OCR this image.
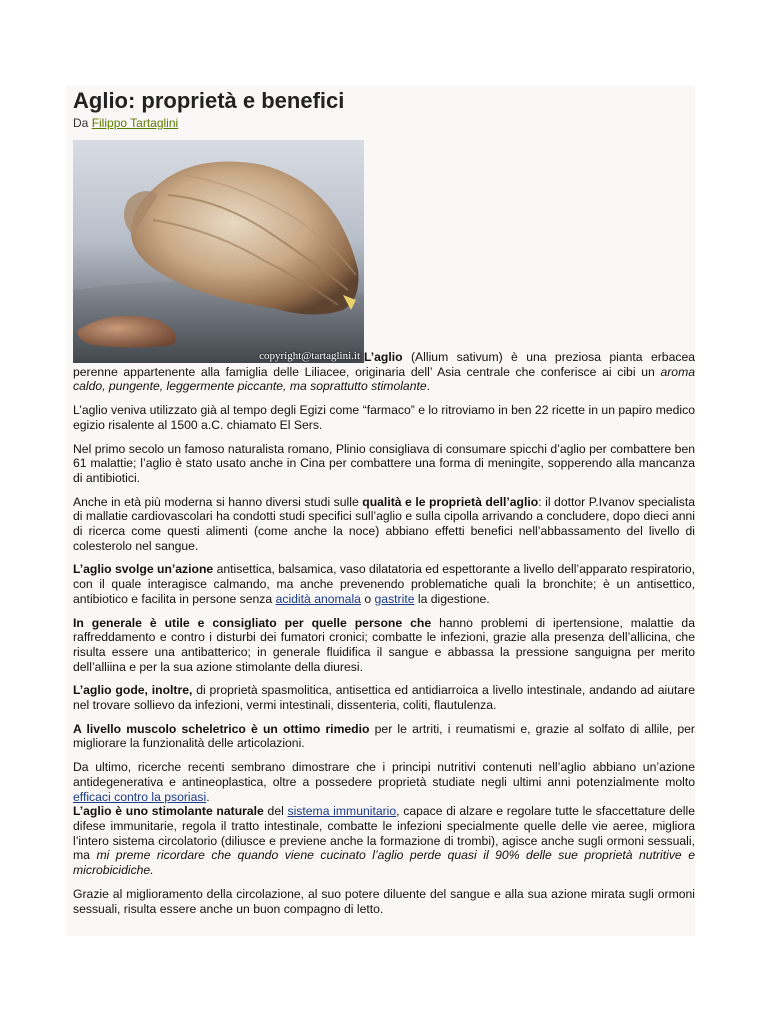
Aglio: proprietà e benefici
Da Filippo Tartaglini
copyright@tartaglini.it L’aglio (Allium sativum) è una preziosa pianta erbacea perenne appartenente alla famiglia delle Liliacee, originaria dell’ Asia centrale che conferisce ai cibi un aroma caldo, pungente, leggermente piccante, ma soprattutto stimolante.

L’aglio veniva utilizzato già al tempo degli Egizi come “farmaco” e lo ritroviamo in ben 22 ricette in un papiro medico egizio risalente al 1500 a.C. chiamato El Sers.

Nel primo secolo un famoso naturalista romano, Plinio consigliava di consumare spicchi d’aglio per combattere ben 61 malattie; l’aglio è stato usato anche in Cina per combattere una forma di meningite, sopperendo alla mancanza di antibiotici.

Anche in età più moderna si hanno diversi studi sulle qualità e le proprietà dell’aglio: il dottor P.Ivanov specialista di mallatie cardiovascolari ha condotti studi specifici sull’aglio e sulla cipolla arrivando a concludere, dopo dieci anni di ricerca come questi alimenti (come anche la noce) abbiano effetti benefici nell’abbassamento del livello di colesterolo nel sangue.

L’aglio svolge un’azione antisettica, balsamica, vaso dilatatoria ed espettorante a livello dell’apparato respiratorio, con il quale interagisce calmando, ma anche prevenendo problematiche quali la bronchite; è un antisettico, antibiotico e facilita in persone senza acidità anomala o gastrite la digestione.

In generale è utile e consigliato per quelle persone che hanno problemi di ipertensione, malattie da raffreddamento e contro i disturbi dei fumatori cronici; combatte le infezioni, grazie alla presenza dell’allicina, che risulta essere una antibatterico; in generale fluidifica il sangue e abbassa la pressione sanguigna per merito dell’alliina e per la sua azione stimolante della diuresi.

L’aglio gode, inoltre, di proprietà spasmolitica, antisettica ed antidiarroica a livello intestinale, andando ad aiutare nel trovare sollievo da infezioni, vermi intestinali, dissenteria, coliti, flautulenza.

A livello muscolo scheletrico è un ottimo rimedio per le artriti, i reumatismi e, grazie al solfato di allile, per migliorare la funzionalità delle articolazioni.

Da ultimo, ricerche recenti sembrano dimostrare che i principi nutritivi contenuti nell’aglio abbiano un’azione antidegenerativa e antineoplastica, oltre a possedere proprietà studiate negli ultimi anni potenzialmente molto efficaci contro la psoriasi.

L’aglio è uno stimolante naturale del sistema immunitario, capace di alzare e regolare tutte le sfaccettature delle difese immunitarie, regola il tratto intestinale, combatte le infezioni specialmente quelle delle vie aeree, migliora l’intero sistema circolatorio (diliusce e previene anche la formazione di trombi), agisce anche sugli ormoni sessuali, ma mi preme ricordare che quando viene cucinato l’aglio perde quasi il 90% delle sue proprietà nutritive e microbicidiche.

Grazie al miglioramento della circolazione, al suo potere diluente del sangue e alla sua azione mirata sugli ormoni sessuali, risulta essere anche un buon compagno di letto.
